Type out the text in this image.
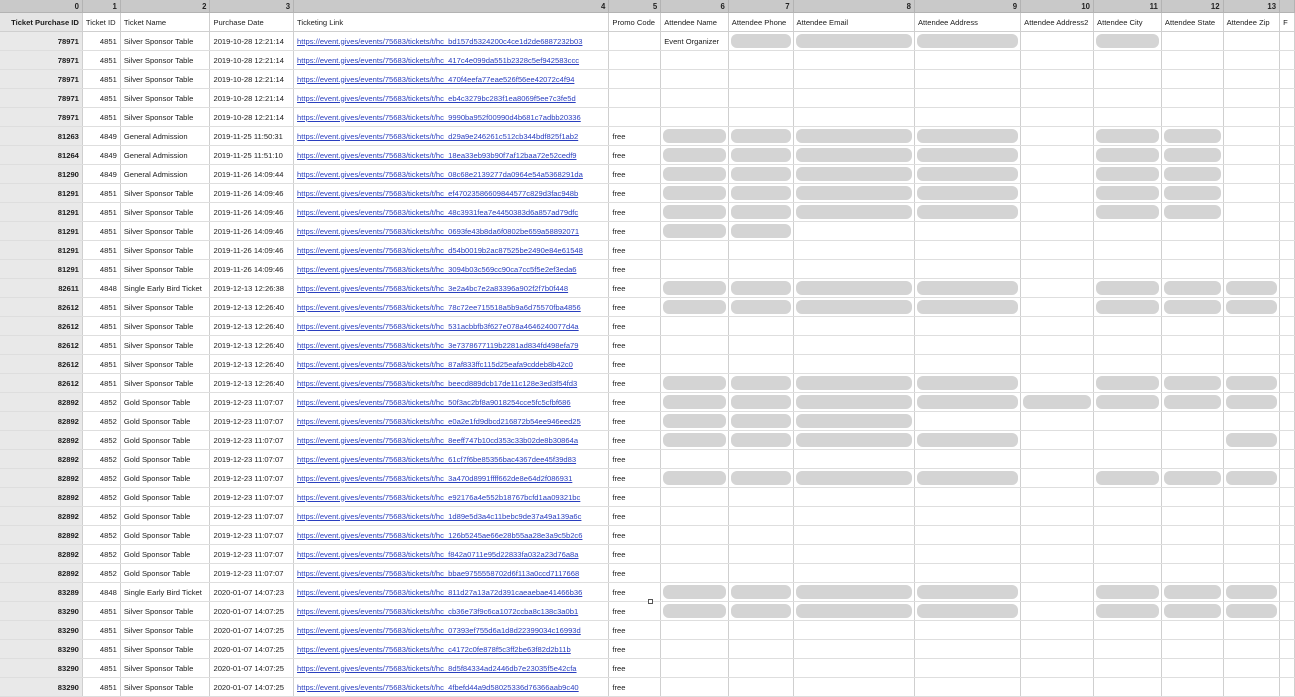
0	1	2	3	4	5	6	7	8	9	10	11	12	13	
Ticket Purchase ID	Ticket ID	Ticket Name	Purchase Date	Ticketing Link	Promo Code	Attendee Name	Attendee Phone	Attendee Email	Attendee Address	Attendee Address2	Attendee City	Attendee State	Attendee Zip	F
78971	4851	Silver Sponsor Table	2019-10-28 12:21:14	https://event.gives/events/75683/tickets/t/hc_bd157d5324200c4ce1d2de6887232b03		Event Organizer	

78971	4851	Silver Sponsor Table	2019-10-28 12:21:14	https://event.gives/events/75683/tickets/t/hc_417c4e099da551b2328c5ef942583ccc										
78971	4851	Silver Sponsor Table	2019-10-28 12:21:14	https://event.gives/events/75683/tickets/t/hc_470f4eefa77eae526f56ee42072c4f94										
78971	4851	Silver Sponsor Table	2019-10-28 12:21:14	https://event.gives/events/75683/tickets/t/hc_eb4c3279bc283f1ea8069f5ee7c3fe5d										
78971	4851	Silver Sponsor Table	2019-10-28 12:21:14	https://event.gives/events/75683/tickets/t/hc_9990ba952f00990d4b681c7adbb20336										
81263	4849	General Admission	2019-11-25 11:50:31	https://event.gives/events/75683/tickets/t/hc_d29a9e246261c512cb344bdf825f1ab2	free	

81264	4849	General Admission	2019-11-25 11:51:10	https://event.gives/events/75683/tickets/t/hc_18ea33eb93b90f7af12baa72e52cedf9	free	

81290	4849	General Admission	2019-11-26 14:09:44	https://event.gives/events/75683/tickets/t/hc_08c68e2139277da0964e54a5368291da	free	

81291	4851	Silver Sponsor Table	2019-11-26 14:09:46	https://event.gives/events/75683/tickets/t/hc_ef47023586609844577c829d3fac948b	free	

81291	4851	Silver Sponsor Table	2019-11-26 14:09:46	https://event.gives/events/75683/tickets/t/hc_48c3931fea7e4450383d6a857ad79dfc	free	

81291	4851	Silver Sponsor Table	2019-11-26 14:09:46	https://event.gives/events/75683/tickets/t/hc_0693fe43b8da6f0802be659a58892071	free	

81291	4851	Silver Sponsor Table	2019-11-26 14:09:46	https://event.gives/events/75683/tickets/t/hc_d54b0019b2ac87525be2490e84e61548	free									
81291	4851	Silver Sponsor Table	2019-11-26 14:09:46	https://event.gives/events/75683/tickets/t/hc_3094b03c569cc90ca7cc5f5e2ef3eda6	free									
82611	4848	Single Early Bird Ticket	2019-12-13 12:26:38	https://event.gives/events/75683/tickets/t/hc_3e2a4bc7e2a83396a902f2f7b0f448	free	

82612	4851	Silver Sponsor Table	2019-12-13 12:26:40	https://event.gives/events/75683/tickets/t/hc_78c72ee715518a5b9a6d75570fba4856	free	

82612	4851	Silver Sponsor Table	2019-12-13 12:26:40	https://event.gives/events/75683/tickets/t/hc_531acbbfb3f627e078a4646240077d4a	free									
82612	4851	Silver Sponsor Table	2019-12-13 12:26:40	https://event.gives/events/75683/tickets/t/hc_3e7378677119b2281ad834fd498efa79	free									
82612	4851	Silver Sponsor Table	2019-12-13 12:26:40	https://event.gives/events/75683/tickets/t/hc_87af833ffc115d25eafa9cddeb8b42c0	free									
82612	4851	Silver Sponsor Table	2019-12-13 12:26:40	https://event.gives/events/75683/tickets/t/hc_beecd889dcb17de11c128e3ed3f54fd3	free	

82892	4852	Gold Sponsor Table	2019-12-23 11:07:07	https://event.gives/events/75683/tickets/t/hc_50f3ac2bf8a9018254cce5fc5cfbf686	free	

82892	4852	Gold Sponsor Table	2019-12-23 11:07:07	https://event.gives/events/75683/tickets/t/hc_e0a2e1fd9dbcd216872b54ee946eed25	free	

82892	4852	Gold Sponsor Table	2019-12-23 11:07:07	https://event.gives/events/75683/tickets/t/hc_8eeff747b10cd353c33b02de8b30864a	free	

82892	4852	Gold Sponsor Table	2019-12-23 11:07:07	https://event.gives/events/75683/tickets/t/hc_61cf7f6be85356bac4367dee45f39d83	free									
82892	4852	Gold Sponsor Table	2019-12-23 11:07:07	https://event.gives/events/75683/tickets/t/hc_3a470d8991ffff662de8e64d2f086931	free	

82892	4852	Gold Sponsor Table	2019-12-23 11:07:07	https://event.gives/events/75683/tickets/t/hc_e92176a4e552b18767bcfd1aa09321bc	free									
82892	4852	Gold Sponsor Table	2019-12-23 11:07:07	https://event.gives/events/75683/tickets/t/hc_1d89e5d3a4c11bebc9de37a49a139a6c	free									
82892	4852	Gold Sponsor Table	2019-12-23 11:07:07	https://event.gives/events/75683/tickets/t/hc_126b5245ae66e28b55aa28e3a9c5b2c6	free									
82892	4852	Gold Sponsor Table	2019-12-23 11:07:07	https://event.gives/events/75683/tickets/t/hc_f842a0711e95d22833fa032a23d76a8a	free									
82892	4852	Gold Sponsor Table	2019-12-23 11:07:07	https://event.gives/events/75683/tickets/t/hc_bbae9755558702d6f113a0ccd7117668	free									
83289	4848	Single Early Bird Ticket	2020-01-07 14:07:23	https://event.gives/events/75683/tickets/t/hc_811d27a13a72d391caeaebae41466b36	free	

83290	4851	Silver Sponsor Table	2020-01-07 14:07:25	https://event.gives/events/75683/tickets/t/hc_cb36e73f9c6ca1072ccba8c138c3a0b1	free	

83290	4851	Silver Sponsor Table	2020-01-07 14:07:25	https://event.gives/events/75683/tickets/t/hc_07393ef755d6a1d8d22399034c16993d	free									
83290	4851	Silver Sponsor Table	2020-01-07 14:07:25	https://event.gives/events/75683/tickets/t/hc_c4172c0fe878f5c3ff2be63f82d2b11b	free									
83290	4851	Silver Sponsor Table	2020-01-07 14:07:25	https://event.gives/events/75683/tickets/t/hc_8d5f84334ad2446db7e23035f5e42cfa	free									
83290	4851	Silver Sponsor Table	2020-01-07 14:07:25	https://event.gives/events/75683/tickets/t/hc_4fbefd44a9d58025336d76366aab9c40	free									
